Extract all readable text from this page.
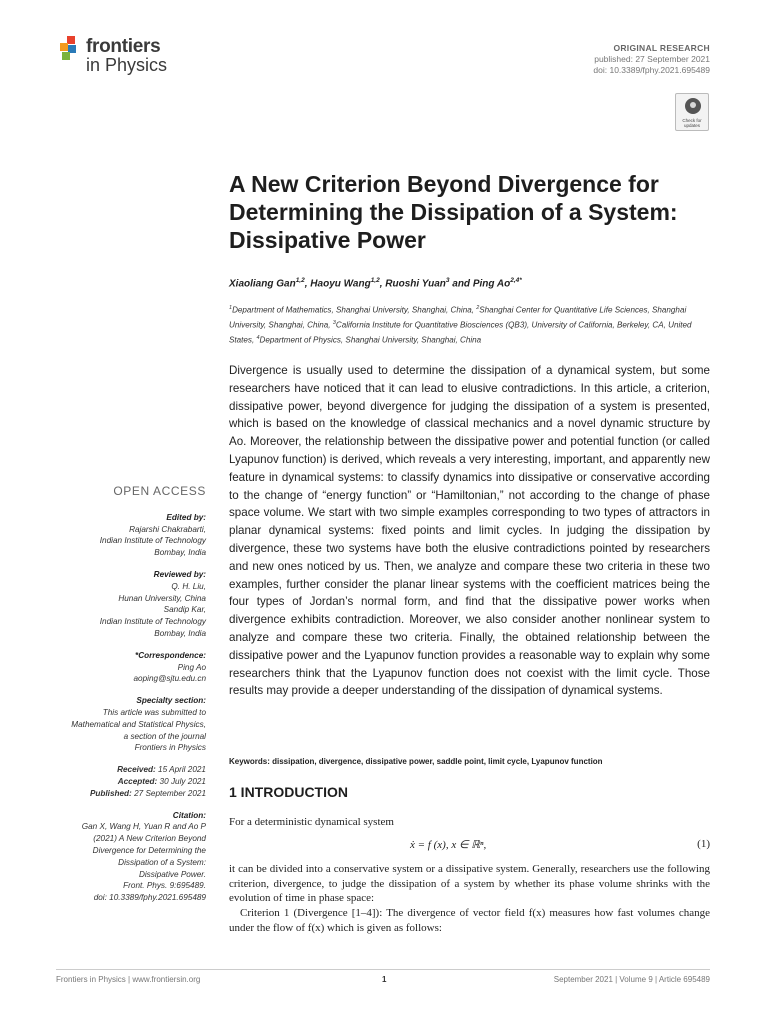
frontiers
in Physics
ORIGINAL RESEARCH
published: 27 September 2021
doi: 10.3389/fphy.2021.695489
Check for updates
A New Criterion Beyond Divergence for Determining the Dissipation of a System: Dissipative Power
Xiaoliang Gan$^{1,2}$, Haoyu Wang$^{1,2}$, Ruoshi Yuan$^3$ and Ping $Ao^{2,4*}$
$^1$Department of Mathematics, Shanghai University, Shanghai, China, $^2$Shanghai Center for Quantitative Life Sciences, Shanghai University, Shanghai, China, $^3$California Institute for Quantitative Biosciences (QB3), University of California, Berkeley, CA, United States, $^4$Department of Physics, Shanghai University, Shanghai, China

Divergence is usually used to determine the dissipation of a dynamical system, but some researchers have noticed that it can lead to elusive contradictions. In this article, a criterion, dissipative power, beyond divergence for judging the dissipation of a system is presented, which is based on the knowledge of classical mechanics and a novel dynamic structure by Ao. Moreover, the relationship between the dissipative power and potential function (or called Lyapunov function) is derived, which reveals a very interesting, important, and apparently new feature in dynamical systems: to classify dynamics into dissipative or conservative according to the change of “energy function” or “Hamiltonian,” not according to the change of phase space volume. We start with two simple examples corresponding to two types of attractors in planar dynamical systems: fixed points and limit cycles. In judging the dissipation by divergence, these two systems have both the elusive contradictions pointed by researchers and new ones noticed by us. Then, we analyze and compare these two criteria in these two examples, further consider the planar linear systems with the coefficient matrices being the four types of Jordan’s normal form, and find that the dissipative power works when divergence exhibits contradiction. Moreover, we also consider another nonlinear system to analyze and compare these two criteria. Finally, the obtained relationship between the dissipative power and the Lyapunov function provides a reasonable way to explain why some researchers think that the Lyapunov function does not coexist with the limit cycle. Those results may provide a deeper understanding of the dissipation of dynamical systems.

Keywords: dissipation, divergence, dissipative power, saddle point, limit cycle, Lyapunov function
OPEN ACCESS
Edited by:
Rajarshi Chakrabarti,
Indian Institute of Technology
Bombay, India
Reviewed by:
Q. H. Liu,
Hunan University, China
Sandip Kar,
Indian Institute of Technology
Bombay, India
*Correspondence:
Ping Ao
aoping@sjtu.edu.cn
Specialty section:
This article was submitted to
Mathematical and Statistical Physics,
a section of the journal
Frontiers in Physics
Received: 15 April 2021
Accepted: 30 July 2021
Published: 27 September 2021
Citation:
Gan X, Wang H, Yuan R and Ao P
(2021) A New Criterion Beyond
Divergence for Determining the
Dissipation of a System:
Dissipative Power.
Front. Phys. 9:695489.
doi: 10.3389/fphy.2021.695489
1 INTRODUCTION

For a deterministic dynamical system

ẋ = f (x), x ∈ ℝⁿ,	(1)

it can be divided into a conservative system or a dissipative system. Generally, researchers use the following criterion, divergence, to judge the dissipation of a system by whether its phase volume shrinks with the evolution of time in phase space:

Criterion 1 (Divergence [1–4]): The divergence of vector field f(x) measures how fast volumes change under the flow of f(x) which is given as follows:

Frontiers in Physics | www.frontiersin.org	1	September 2021 | Volume 9 | Article 695489
